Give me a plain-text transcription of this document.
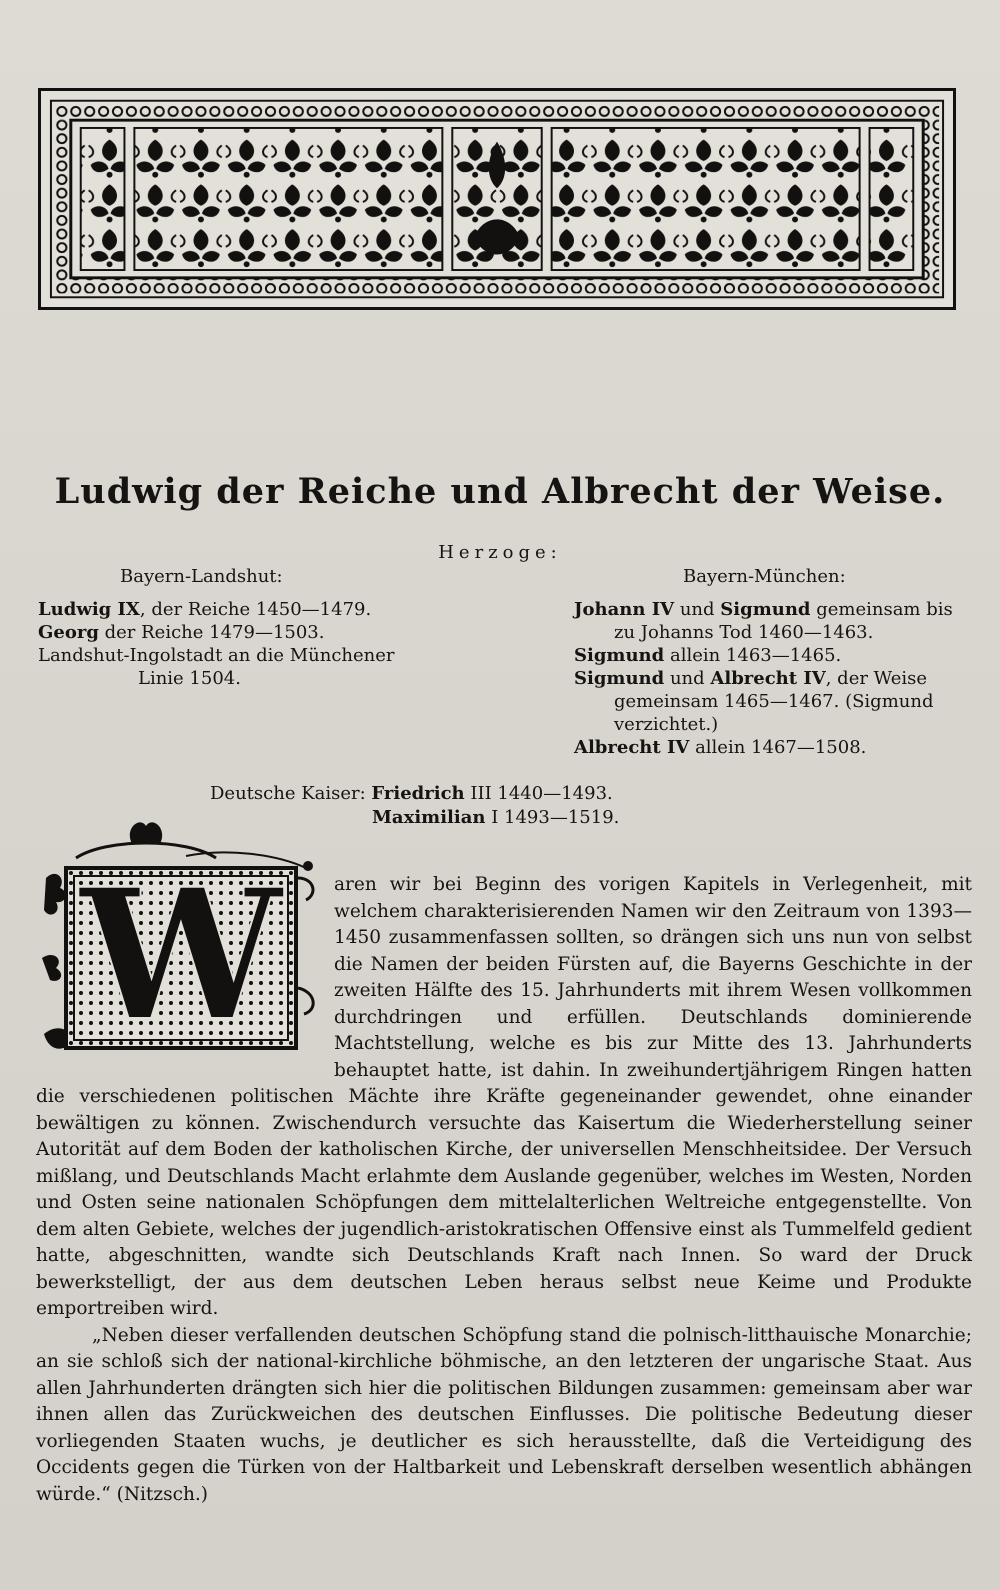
Ludwig der Reiche und Albrecht der Weise.
Herzoge:
Bayern-Landshut:	Bayern-München:

Ludwig IX, der Reiche 1450—1479.

Georg der Reiche 1479—1503.

Landshut-Ingolstadt an die Münchener

Linie 1504.

Johann IV und Sigmund gemeinsam bis zu Johanns Tod 1460—1463.

Sigmund allein 1463—1465.

Sigmund und Albrecht IV, der Weise gemeinsam 1465—1467. (Sigmund verzichtet.)

Albrecht IV allein 1467—1508.

Deutsche Kaiser: Friedrich III 1440—1493.
Maximilian I 1493—1519.
W	aren wir bei Beginn des vorigen Kapitels in Verlegenheit, mit welchem charakterisierenden Namen wir den Zeitraum von 1393—1450 zusammenfassen sollten, so drängen sich uns nun von selbst die Namen der beiden Fürsten auf, die Bayerns Geschichte in der zweiten Hälfte des 15. Jahrhunderts mit ihrem Wesen vollkommen durchdringen und erfüllen. Deutschlands dominierende Machtstellung, welche es bis zur Mitte des 13. Jahrhunderts behauptet hatte, ist dahin. In zweihundertjährigem Ringen hatten die verschiedenen politischen Mächte ihre Kräfte gegeneinander gewendet, ohne einander bewältigen zu können. Zwischendurch versuchte das Kaisertum die Wiederherstellung seiner Autorität auf dem Boden der katholischen Kirche, der universellen Menschheitsidee. Der Versuch mißlang, und Deutschlands Macht erlahmte dem Auslande gegenüber, welches im Westen, Norden und Osten seine nationalen Schöpfungen dem mittelalterlichen Weltreiche entgegenstellte. Von dem alten Gebiete, welches der jugendlich-aristokratischen Offensive einst als Tummelfeld gedient hatte, abgeschnitten, wandte sich Deutschlands Kraft nach Innen. So ward der Druck bewerkstelligt, der aus dem deutschen Leben heraus selbst neue Keime und Produkte emportreiben wird.

„Neben dieser verfallenden deutschen Schöpfung stand die polnisch-litthauische Monarchie; an sie schloß sich der national-kirchliche böhmische, an den letzteren der ungarische Staat. Aus allen Jahrhunderten drängten sich hier die politischen Bildungen zusammen: gemeinsam aber war ihnen allen das Zurückweichen des deutschen Einflusses. Die politische Bedeutung dieser vorliegenden Staaten wuchs, je deutlicher es sich herausstellte, daß die Verteidigung des Occidents gegen die Türken von der Haltbarkeit und Lebenskraft derselben wesentlich abhängen würde.“ (Nitzsch.)
